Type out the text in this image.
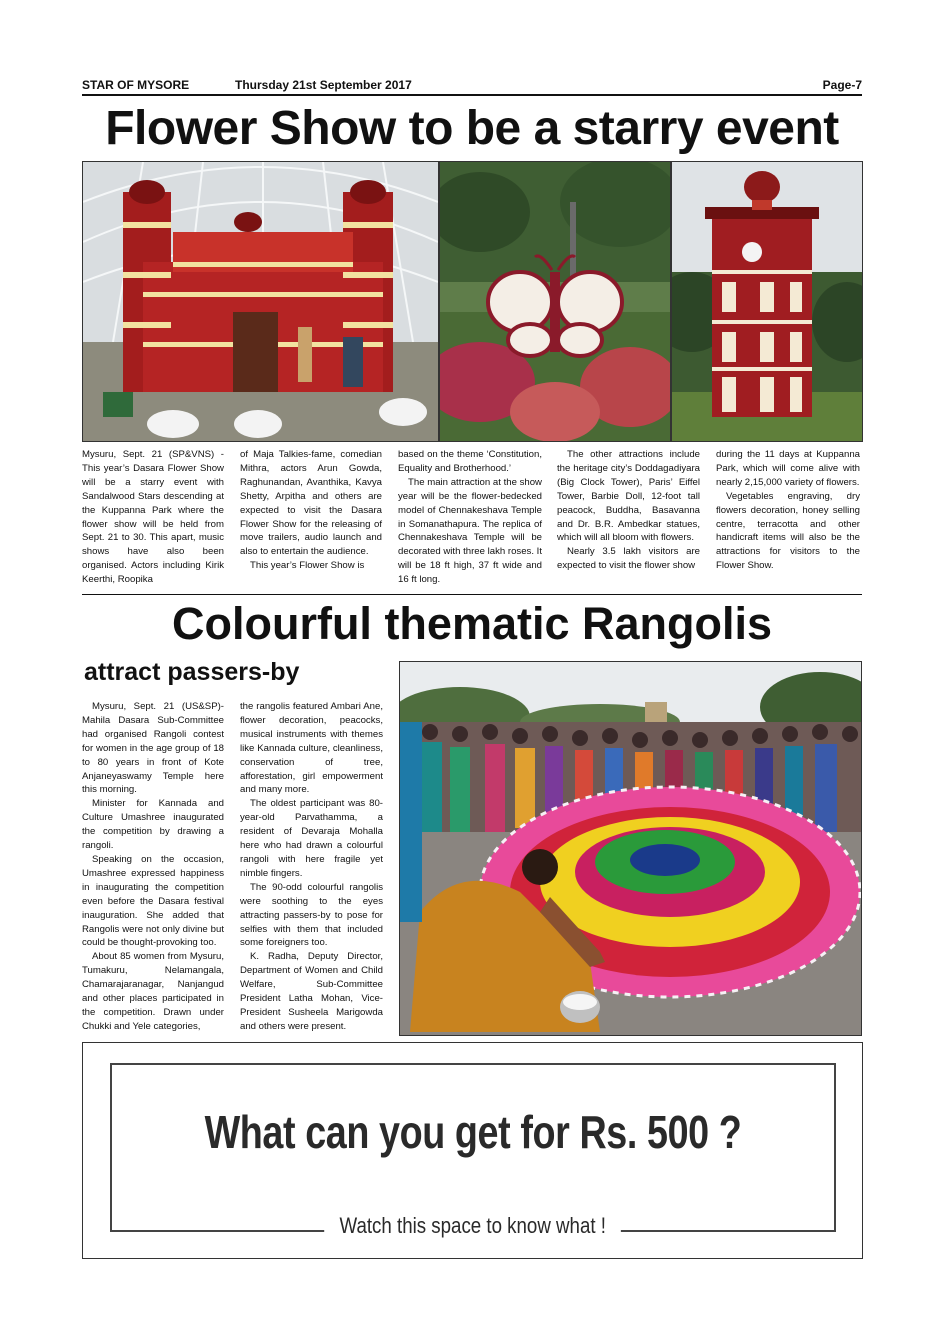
STAR OF MYSORE	Thursday 21st September 2017	Page-7
Flower Show to be a starry event

Mysuru, Sept. 21 (SP&VNS) - This year’s Dasara Flower Show will be a starry event with Sandalwood Stars descending at the Kuppanna Park where the flower show will be held from Sept. 21 to 30. This apart, music shows have also been organised. Actors including Kirik Keerthi, Roopika

of Maja Talkies-fame, comedian Mithra, actors Arun Gowda, Raghunandan, Avanthika, Kavya Shetty, Arpitha and others are expected to visit the Dasara Flower Show for the releasing of move trailers, audio launch and also to entertain the audience.

This year’s Flower Show is

based on the theme ‘Constitution, Equality and Brotherhood.’

The main attraction at the show year will be the flower-bedecked model of Chennakeshava Temple in Somanathapura. The replica of Chennakeshava Temple will be decorated with three lakh roses. It will be 18 ft high, 37 ft wide and 16 ft long.

The other attractions include the heritage city’s Doddagadiyara (Big Clock Tower), Paris’ Eiffel Tower, Barbie Doll, 12-foot tall peacock, Buddha, Basavanna and Dr. B.R. Ambedkar statues, which will all bloom with flowers.

Nearly 3.5 lakh visitors are expected to visit the flower show

during the 11 days at Kuppanna Park, which will come alive with nearly 2,15,000 variety of flowers.

Vegetables engraving, dry flowers decoration, honey selling centre, terracotta and other handicraft items will also be the attractions for visitors to the Flower Show.

Colourful thematic Rangolis
attract passers-by

Mysuru, Sept. 21 (US&SP)- Mahila Dasara Sub-Committee had organised Rangoli contest for women in the age group of 18 to 80 years in front of Kote Anjaneyaswamy Temple here this morning.

Minister for Kannada and Culture Umashree inaugurated the competition by drawing a rangoli.

Speaking on the occasion, Umashree expressed happiness in inaugurating the competition even before the Dasara festival inauguration. She added that Rangolis were not only divine but could be thought-provoking too.

About 85 women from Mysuru, Tumakuru, Nelamangala, Chamarajaranagar, Nanjangud and other places participated in the competition. Drawn under Chukki and Yele categories,

the rangolis featured Ambari Ane, flower decoration, peacocks, musical instruments with themes like Kannada culture, cleanliness, conservation of tree, afforestation, girl empowerment and many more.

The oldest participant was 80-year-old Parvathamma, a resident of Devaraja Mohalla here who had drawn a colourful rangoli with here fragile yet nimble fingers.

The 90-odd colourful rangolis were soothing to the eyes attracting passers-by to pose for selfies with them that included some foreigners too.

K. Radha, Deputy Director, Department of Women and Child Welfare, Sub-Committee President Latha Mohan, Vice-President Susheela Marigowda and others were present.

What can you get for Rs. 500 ?
Watch this space to know what !
